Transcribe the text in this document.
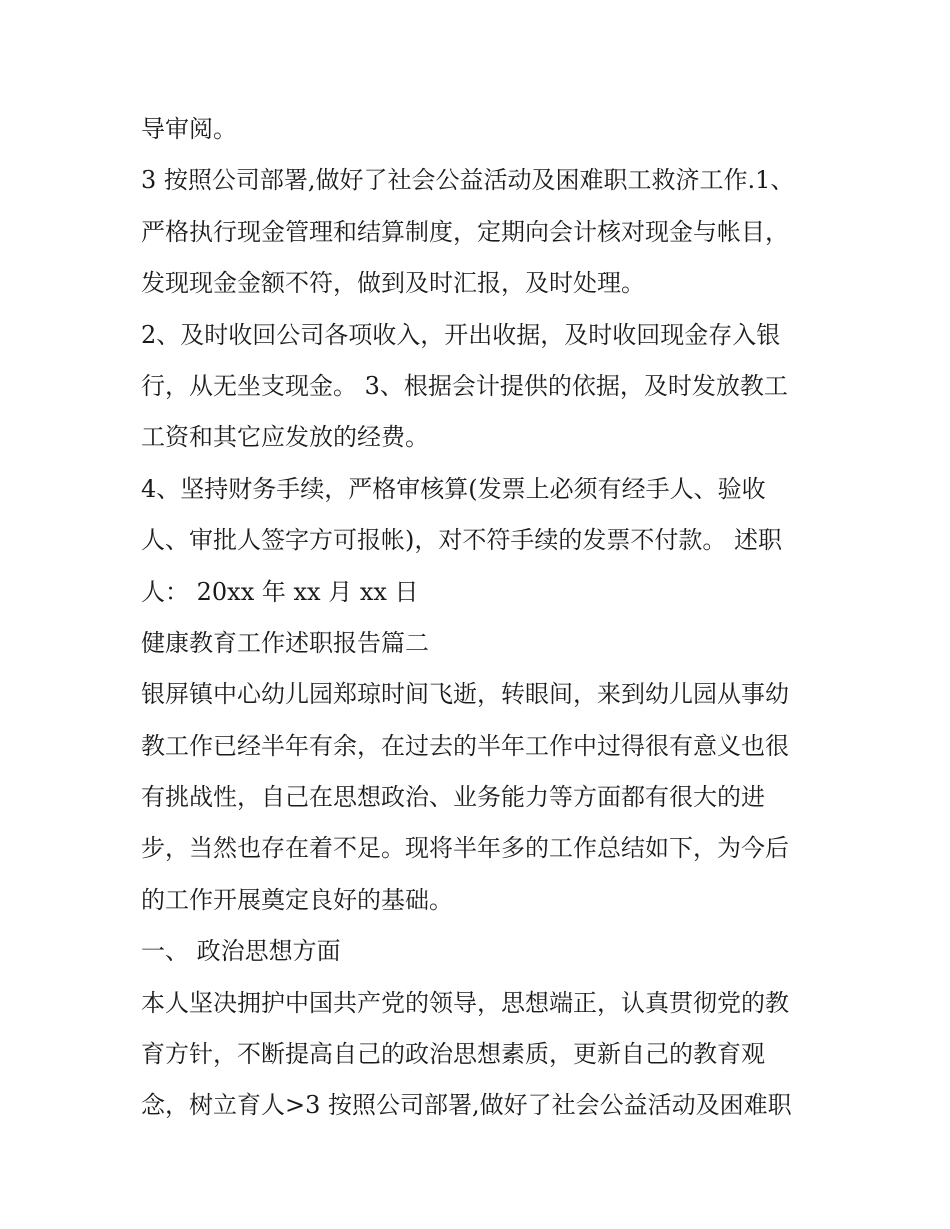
导审阅。
3 按照公司部署,做好了社会公益活动及困难职工救济工作.1、
严格执行现金管理和结算制度，定期向会计核对现金与帐目，
发现现金金额不符，做到及时汇报，及时处理。
2、及时收回公司各项收入，开出收据，及时收回现金存入银
行，从无坐支现金。 3、根据会计提供的依据，及时发放教工
工资和其它应发放的经费。
4、坚持财务手续，严格审核算(发票上必须有经手人、验收
人、审批人签字方可报帐)，对不符手续的发票不付款。 述职
人： 20xx 年 xx 月 xx 日
健康教育工作述职报告篇二
银屏镇中心幼儿园郑琼时间飞逝，转眼间，来到幼儿园从事幼
教工作已经半年有余，在过去的半年工作中过得很有意义也很
有挑战性，自己在思想政治、业务能力等方面都有很大的进
步，当然也存在着不足。现将半年多的工作总结如下，为今后
的工作开展奠定良好的基础。
一、 政治思想方面
本人坚决拥护中国共产党的领导，思想端正，认真贯彻党的教
育方针，不断提高自己的政治思想素质，更新自己的教育观
念，树立育人>3 按照公司部署,做好了社会公益活动及困难职
